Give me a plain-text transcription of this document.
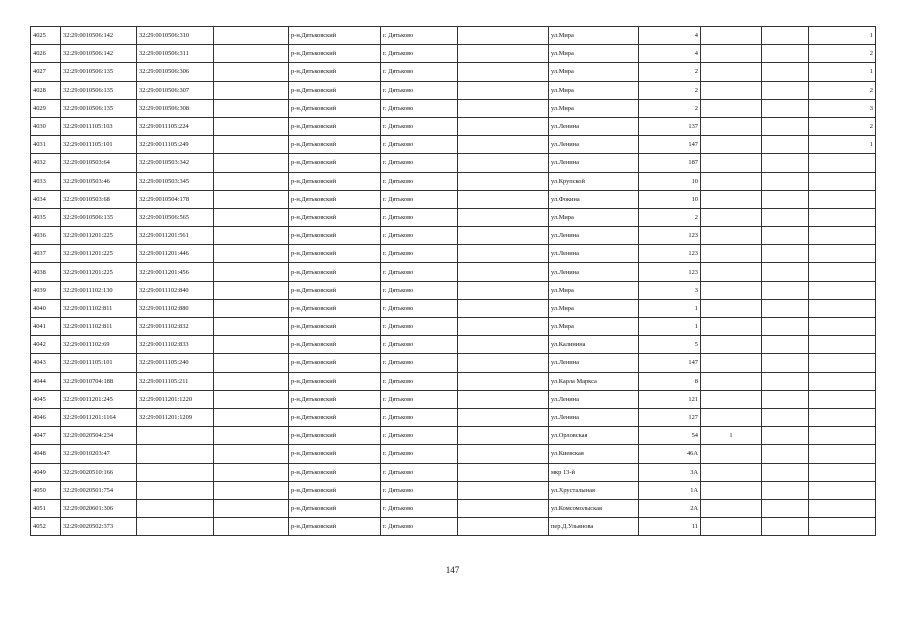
4025	32:29:0010506:142	32:29:0010506:310		р-н.Дятьковский	г. Дятьково		ул.Мира	4			1
4026	32:29:0010506:142	32:29:0010506:311		р-н.Дятьковский	г. Дятьково		ул.Мира	4			2
4027	32:29:0010506:135	32:29:0010506:306		р-н.Дятьковский	г. Дятьково		ул.Мира	2			1
4028	32:29:0010506:135	32:29:0010506:307		р-н.Дятьковский	г. Дятьково		ул.Мира	2			2
4029	32:29:0010506:135	32:29:0010506:308		р-н.Дятьковский	г. Дятьково		ул.Мира	2			3
4030	32:29:0011105:103	32:29:0011105:224		р-н.Дятьковский	г. Дятьково		ул.Ленина	137			2
4031	32:29:0011105:101	32:29:0011105:249		р-н.Дятьковский	г. Дятьково		ул.Ленина	147			1
4032	32:29:0010503:64	32:29:0010503:342		р-н.Дятьковский	г. Дятьково		ул.Ленина	187			
4033	32:29:0010503:46	32:29:0010503:345		р-н.Дятьковский	г. Дятьково		ул.Крупской	10			
4034	32:29:0010503:68	32:29:0010504:178		р-н.Дятьковский	г. Дятьково		ул.Фокина	10			
4035	32:29:0010506:135	32:29:0010506:565		р-н.Дятьковский	г. Дятьково		ул.Мира	2			
4036	32:29:0011201:225	32:29:0011201:561		р-н.Дятьковский	г. Дятьково		ул.Ленина	123			
4037	32:29:0011201:225	32:29:0011201:446		р-н.Дятьковский	г. Дятьково		ул.Ленина	123			
4038	32:29:0011201:225	32:29:0011201:456		р-н.Дятьковский	г. Дятьково		ул.Ленина	123			
4039	32:29:0011102:130	32:29:0011102:840		р-н.Дятьковский	г. Дятьково		ул.Мира	3			
4040	32:29:0011102:811	32:29:0011102:880		р-н.Дятьковский	г. Дятьково		ул.Мира	1			
4041	32:29:0011102:811	32:29:0011102:832		р-н.Дятьковский	г. Дятьково		ул.Мира	1			
4042	32:29:0011102:69	32:29:0011102:833		р-н.Дятьковский	г. Дятьково		ул.Калинина	5			
4043	32:29:0011105:101	32:29:0011105:240		р-н.Дятьковский	г. Дятьково		ул.Ленина	147			
4044	32:29:0010704:188	32:29:0011105:211		р-н.Дятьковский	г. Дятьково		ул.Карла Маркса	8			
4045	32:29:0011201:245	32:29:0011201:1220		р-н.Дятьковский	г. Дятьково		ул.Ленина	121			
4046	32:29:0011201:1164	32:29:0011201:1209		р-н.Дятьковский	г. Дятьково		ул.Ленина	127			
4047	32:29:0020504:234			р-н.Дятьковский	г. Дятьково		ул.Орловская	54	1		
4048	32:29:0010203:47			р-н.Дятьковский	г. Дятьково		ул.Киевская	46А			
4049	32:29:0020510:166			р-н.Дятьковский	г. Дятьково		мкр 13-й	3А			
4050	32:29:0020501:754			р-н.Дятьковский	г. Дятьково		ул.Хрусталыная	1А			
4051	32:29:0020601:306			р-н.Дятьковский	г. Дятьково		ул.Комсомолыская	2А			
4052	32:29:0020502:373			р-н.Дятьковский	г. Дятьково		пер.Д.Ульянова	11			
147
